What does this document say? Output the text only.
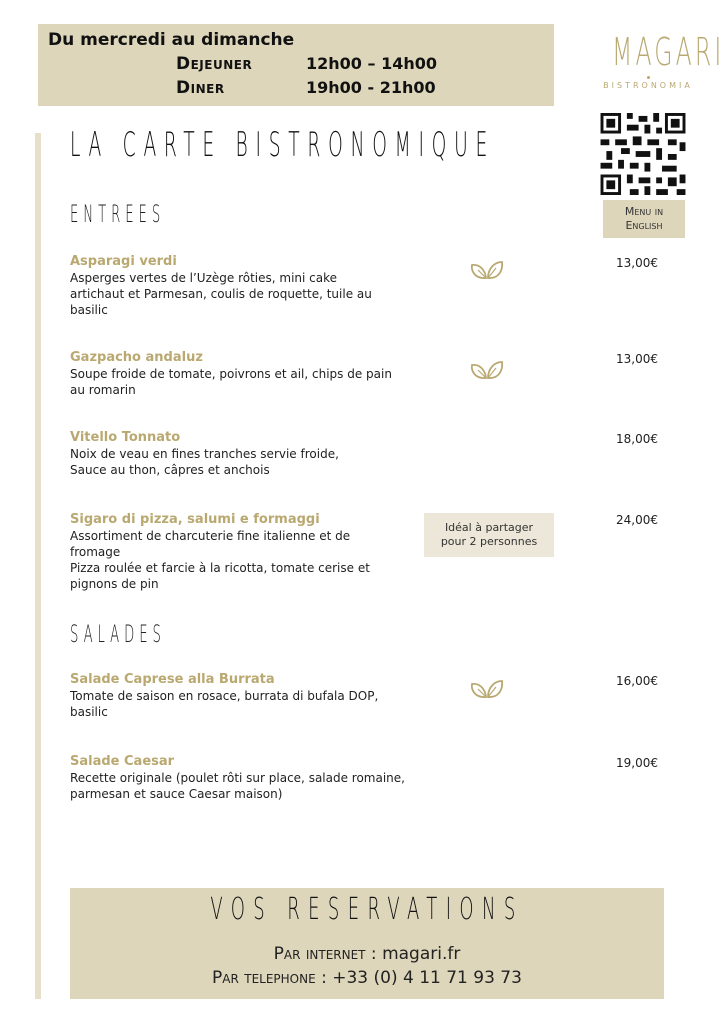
Du mercredi au dimanche
Dejeuner	12h00 – 14h00
Diner	19h00 - 21h00
MAGARI
BISTRONOMIA
Menu in
English
LA CARTE BISTRONOMIQUE
ENTREES
Asparagi verdi
Asperges vertes de l’Uzège rôties, mini cake
artichaut et Parmesan, coulis de roquette, tuile au
basilic
13,00€
Gazpacho andaluz
Soupe froide de tomate, poivrons et ail, chips de pain
au romarin
13,00€
Vitello Tonnato
Noix de veau en fines tranches servie froide,
Sauce au thon, câpres et anchois
18,00€
Sigaro di pizza, salumi e formaggi
Assortiment de charcuterie fine italienne et de
fromage
Pizza roulée et farcie à la ricotta, tomate cerise et
pignons de pin
24,00€
Idéal à partager
pour 2 personnes
SALADES
Salade Caprese alla Burrata
Tomate de saison en rosace, burrata di bufala DOP,
basilic
16,00€
Salade Caesar
Recette originale (poulet rôti sur place, salade romaine,
parmesan et sauce Caesar maison)
19,00€
VOS RESERVATIONS
Par internet : magari.fr
Par telephone : +33 (0) 4 11 71 93 73
